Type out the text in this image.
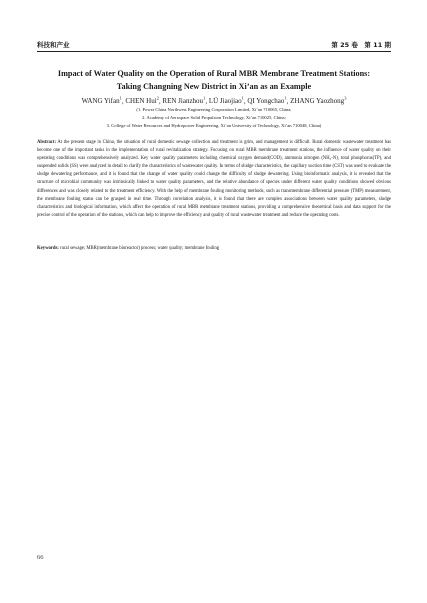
科技和产业	第 25 卷　第 11 期
Impact of Water Quality on the Operation of Rural MBR Membrane Treatment Stations:
Taking Changning New District in Xi’an as an Example
WANG Yifan$^1$, CHEN Hui$^2$, REN Jianzhou$^1$, LÜ Jiaojiao$^1$, QI Yongchao$^1$, ZHANG Yaozhong$^3$
(1. Power China Northwest Engineering Corporation Limited, Xi’an 710065, China;
2. Academy of Aerospace Solid Propulsion Technology, Xi’an 710025, China;
3. College of Water Resources and Hydropower Engineering, Xi’an University of Technology, Xi’an 710048, China)
Abstract: At the present stage in China, the situation of rural domestic sewage collection and treatment is grim, and management is difficult. Rural domestic wastewater treatment has become one of the important tasks in the implementation of rural revitalization strategy. Focusing on rural MBR membrane treatment stations, the influence of water quality on their operating conditions was comprehensively analyzed. Key water quality parameters including chemical oxygen demand(COD), ammonia nitrogen (NH₃-N), total phosphorus(TP), and suspended solids (SS) were analyzed in detail to clarify the characteristics of wastewater quality. In terms of sludge characteristics, the capillary suction time (CST) was used to evaluate the sludge dewatering performance, and it is found that the change of water quality could change the difficulty of sludge dewatering. Using bioinformatic analysis, it is revealed that the structure of microbial community was intrinsically linked to water quality parameters, and the relative abundance of species under different water quality conditions showed obvious differences and was closely related to the treatment efficiency. With the help of membrane fouling monitoring methods, such as transmembrane differential pressure (TMP) measurement, the membrane fouling status can be grasped in real time. Through correlation analysis, it is found that there are complex associations between water quality parameters, sludge characteristics and biological information, which affect the operation of rural MBR membrane treatment stations, providing a comprehensive theoretical basis and data support for the precise control of the operation of the stations, which can help to improve the efficiency and quality of rural wastewater treatment and reduce the operating costs.
Keywords: rural sewage; MBR(membrane bioreactor) process; water quality; membrane fouling
66
